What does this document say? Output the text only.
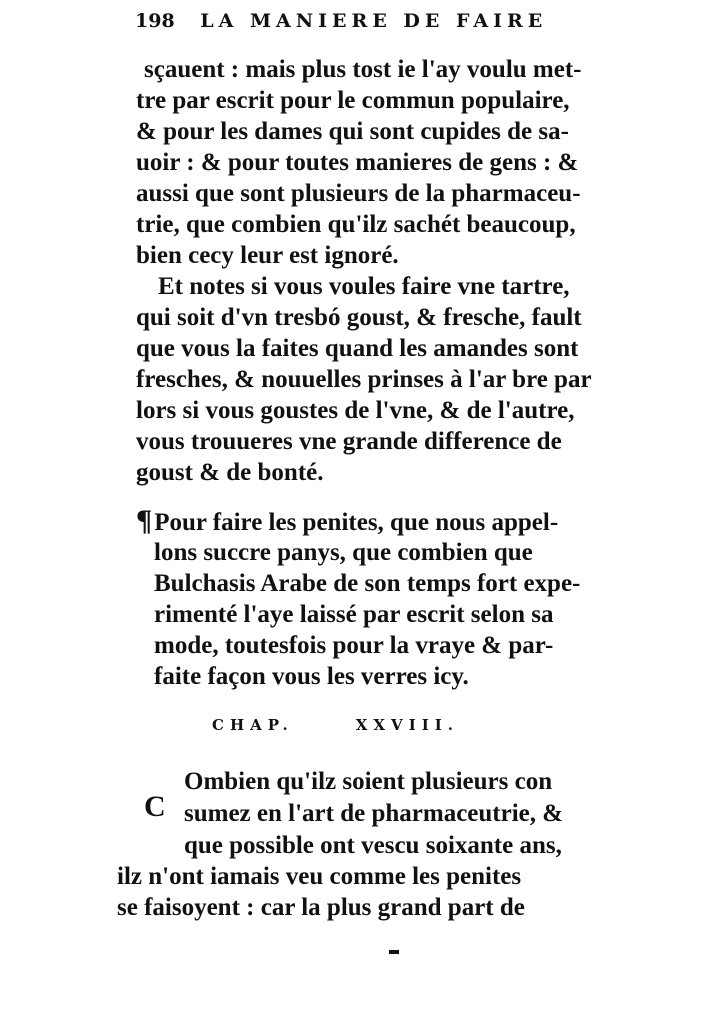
198 LA MANIERE DE FAIRE
sçauent : mais plus tost ie l'ay voulu met-
tre par escrit pour le commun populaire,
& pour les dames qui sont cupides de sa-
uoir : & pour toutes manieres de gens : &
aussi que sont plusieurs de la pharmaceu-
trie, que combien qu'ilz sachét beaucoup,
bien cecy leur est ignoré.
Et notes si vous voules faire vne tartre,
qui soit d'vn tresbó goust, & fresche, fault
que vous la faites quand les amandes sont
fresches, & nouuelles prinses à l'ar bre par
lors si vous goustes de l'vne, & de l'autre,
vous trouueres vne grande difference de
goust & de bonté.
¶Pour faire les penites, que nous appel-
lons succre panys, que combien que
Bulchasis Arabe de son temps fort expe-
rimenté l'aye laissé par escrit selon sa
mode, toutesfois pour la vraye & par-
faite façon vous les verres icy.
CHAP.	XXVIII.
C
Ombien qu'ilz soient plusieurs con
sumez en l'art de pharmaceutrie, &
que possible ont vescu soixante ans,
ilz n'ont iamais veu comme les penites
se faisoyent : car la plus grand part de
